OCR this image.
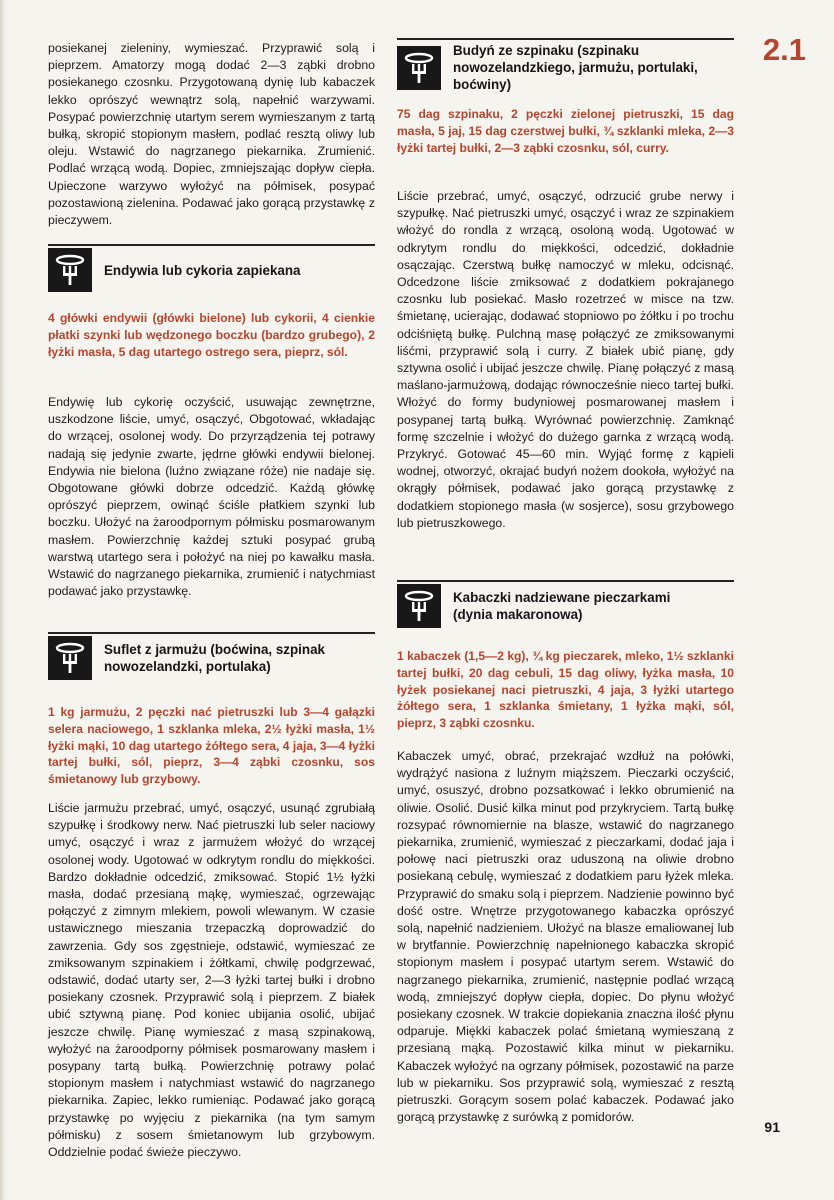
2.1

posiekanej zieleniny, wymieszać. Przyprawić solą i pieprzem. Amatorzy mogą dodać 2—3 ząbki drobno posiekanego czosnku. Przygotowaną dynię lub kabaczek lekko oprószyć wewnątrz solą, napełnić warzywami. Posypać powierzchnię utartym serem wymieszanym z tartą bułką, skropić stopionym masłem, podlać resztą oliwy lub oleju. Wstawić do nagrzanego piekarnika. Zrumienić. Podlać wrzącą wodą. Dopiec, zmniejszając dopływ ciepła. Upieczone warzywo wyłożyć na półmisek, posypać pozostawioną zielenina. Podawać jako gorącą przystawkę z pieczywem.

Endywia lub cykoria zapiekana

4 główki endywii (główki bielone) lub cykorii, 4 cienkie płatki szynki lub wędzonego boczku (bardzo grubego), 2 łyżki masła, 5 dag utartego ostrego sera, pieprz, sól.

Endywię lub cykorię oczyścić, usuwając zewnętrzne, uszkodzone liście, umyć, osączyć, Obgotować, wkładając do wrzącej, osolonej wody. Do przyrządzenia tej potrawy nadają się jedynie zwarte, jędrne główki endywii bielonej. Endywia nie bielona (luźno związane róże) nie nadaje się. Obgotowane główki dobrze odcedzić. Każdą główkę oprószyć pieprzem, owinąć ściśle płatkiem szynki lub boczku. Ułożyć na żaroodpornym półmisku posmarowanym masłem. Powierzchnię każdej sztuki posypać grubą warstwą utartego sera i położyć na niej po kawałku masła. Wstawić do nagrzanego piekarnika, zrumienić i natychmiast podawać jako przystawkę.

Suflet z jarmużu (boćwina, szpinak nowozelandzki, portulaka)

1 kg jarmużu, 2 pęczki nać pietruszki lub 3—4 gałązki selera naciowego, 1 szklanka mleka, 2½ łyżki masła, 1½ łyżki mąki, 10 dag utartego żółtego sera, 4 jaja, 3—4 łyżki tartej bułki, sól, pieprz, 3—4 ząbki czosnku, sos śmietanowy lub grzybowy.

Liście jarmużu przebrać, umyć, osączyć, usunąć zgrubiałą szypułkę i środkowy nerw. Nać pietruszki lub seler naciowy umyć, osączyć i wraz z jarmużem włożyć do wrzącej osolonej wody. Ugotować w odkrytym rondlu do miękkości. Bardzo dokładnie odcedzić, zmiksować. Stopić 1½ łyżki masła, dodać przesianą mąkę, wymieszać, ogrzewając połączyć z zimnym mlekiem, powoli wlewanym. W czasie ustawicznego mieszania trzepaczką doprowadzić do zawrzenia. Gdy sos zgęstnieje, odstawić, wymieszać ze zmiksowanym szpinakiem i żółtkami, chwilę podgrzewać, odstawić, dodać utarty ser, 2—3 łyżki tartej bułki i drobno posiekany czosnek. Przyprawić solą i pieprzem. Z białek ubić sztywną pianę. Pod koniec ubijania osolić, ubijać jeszcze chwilę. Pianę wymieszać z masą szpinakową, wyłożyć na żaroodporny półmisek posmarowany masłem i posypany tartą bułką. Powierzchnię potrawy polać stopionym masłem i natychmiast wstawić do nagrzanego piekarnika. Zapiec, lekko rumieniąc. Podawać jako gorącą przystawkę po wyjęciu z piekarnika (na tym samym półmisku) z sosem śmietanowym lub grzybowym. Oddzielnie podać świeże pieczywo.

Budyń ze szpinaku (szpinaku nowozelandzkiego, jarmużu, portulaki, boćwiny)

75 dag szpinaku, 2 pęczki zielonej pietruszki, 15 dag masła, 5 jaj, 15 dag czerstwej bułki, ¾ szklanki mleka, 2—3 łyżki tartej bułki, 2—3 ząbki czosnku, sól, curry.

Liście przebrać, umyć, osączyć, odrzucić grube nerwy i szypułkę. Nać pietruszki umyć, osączyć i wraz ze szpinakiem włożyć do rondla z wrzącą, osoloną wodą. Ugotować w odkrytym rondlu do miękkości, odcedzić, dokładnie osączając. Czerstwą bułkę namoczyć w mleku, odcisnąć. Odcedzone liście zmiksować z dodatkiem pokrajanego czosnku lub posiekać. Masło rozetrzeć w misce na tzw. śmietanę, ucierając, dodawać stopniowo po żółtku i po trochu odciśniętą bułkę. Pulchną masę połączyć ze zmiksowanymi liśćmi, przyprawić solą i curry. Z białek ubić pianę, gdy sztywna osolić i ubijać jeszcze chwilę. Pianę połączyć z masą maślano-jarmużową, dodając równocześnie nieco tartej bułki. Włożyć do formy budyniowej posmarowanej masłem i posypanej tartą bułką. Wyrównać powierzchnię. Zamknąć formę szczelnie i włożyć do dużego garnka z wrzącą wodą. Przykryć. Gotować 45—60 min. Wyjąć formę z kąpieli wodnej, otworzyć, okrajać budyń nożem dookoła, wyłożyć na okrągły półmisek, podawać jako gorącą przystawkę z dodatkiem stopionego masła (w sosjerce), sosu grzybowego lub pietruszkowego.

Kabaczki nadziewane pieczarkami (dynia makaronowa)

1 kabaczek (1,5—2 kg), ¾ kg pieczarek, mleko, 1½ szklanki tartej bułki, 20 dag cebuli, 15 dag oliwy, łyżka masła, 10 łyżek posiekanej naci pietruszki, 4 jaja, 3 łyżki utartego żółtego sera, 1 szklanka śmietany, 1 łyżka mąki, sól, pieprz, 3 ząbki czosnku.

Kabaczek umyć, obrać, przekrajać wzdłuż na połówki, wydrążyć nasiona z luźnym miąższem. Pieczarki oczyścić, umyć, osuszyć, drobno pozsatkować i lekko obrumienić na oliwie. Osolić. Dusić kilka minut pod przykryciem. Tartą bułkę rozsypać równomiernie na blasze, wstawić do nagrzanego piekarnika, zrumienić, wymieszać z pieczarkami, dodać jaja i połowę naci pietruszki oraz uduszoną na oliwie drobno posiekaną cebulę, wymieszać z dodatkiem paru łyżek mleka. Przyprawić do smaku solą i pieprzem. Nadzienie powinno być dość ostre. Wnętrze przygotowanego kabaczka oprószyć solą, napełnić nadzieniem. Ułożyć na blasze emaliowanej lub w brytfannie. Powierzchnię napełnionego kabaczka skropić stopionym masłem i posypać utartym serem. Wstawić do nagrzanego piekarnika, zrumienić, następnie podlać wrzącą wodą, zmniejszyć dopływ ciepła, dopiec. Do płynu włożyć posiekany czosnek. W trakcie dopiekania znaczna ilość płynu odparuje. Miękki kabaczek polać śmietaną wymieszaną z przesianą mąką. Pozostawić kilka minut w piekarniku. Kabaczek wyłożyć na ogrzany półmisek, pozostawić na parze lub w piekarniku. Sos przyprawić solą, wymieszać z resztą pietruszki. Gorącym sosem polać kabaczek. Podawać jako gorącą przystawkę z surówką z pomidorów.

91
